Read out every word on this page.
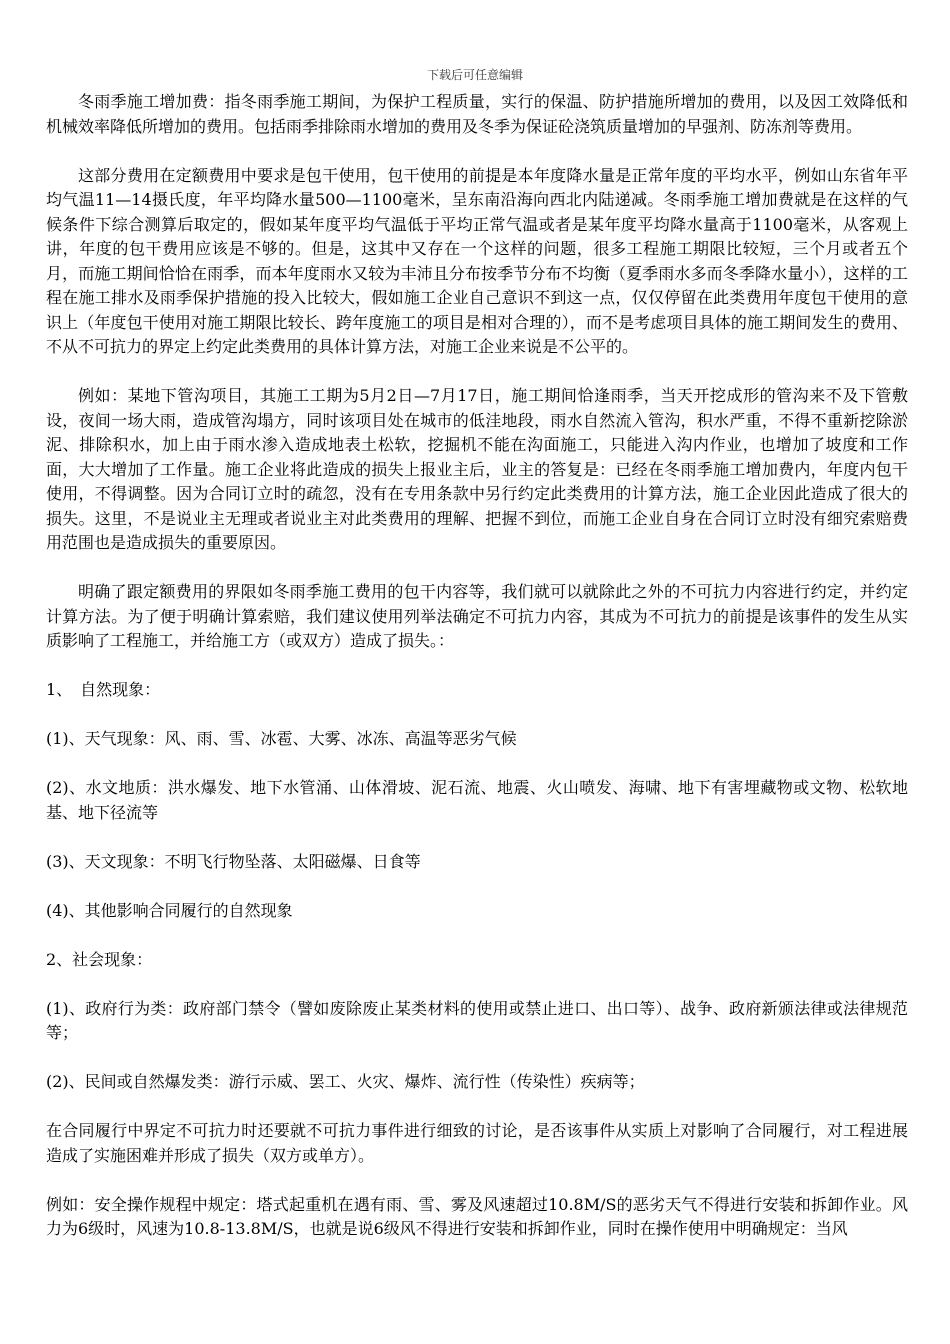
下载后可任意编辑

冬雨季施工增加费：指冬雨季施工期间，为保护工程质量，实行的保温、防护措施所增加的费用，以及因工效降低和机械效率降低所增加的费用。包括雨季排除雨水增加的费用及冬季为保证砼浇筑质量增加的早强剂、防冻剂等费用。

这部分费用在定额费用中要求是包干使用，包干使用的前提是本年度降水量是正常年度的平均水平，例如山东省年平均气温11—14摄氏度，年平均降水量500—1100毫米，呈东南沿海向西北内陆递减。冬雨季施工增加费就是在这样的气候条件下综合测算后取定的，假如某年度平均气温低于平均正常气温或者是某年度平均降水量高于1100毫米，从客观上讲，年度的包干费用应该是不够的。但是，这其中又存在一个这样的问题，很多工程施工期限比较短，三个月或者五个月，而施工期间恰恰在雨季，而本年度雨水又较为丰沛且分布按季节分布不均衡（夏季雨水多而冬季降水量小），这样的工程在施工排水及雨季保护措施的投入比较大，假如施工企业自己意识不到这一点，仅仅停留在此类费用年度包干使用的意识上（年度包干使用对施工期限比较长、跨年度施工的项目是相对合理的），而不是考虑项目具体的施工期间发生的费用、不从不可抗力的界定上约定此类费用的具体计算方法，对施工企业来说是不公平的。

例如：某地下管沟项目，其施工工期为5月2日—7月17日，施工期间恰逢雨季，当天开挖成形的管沟来不及下管敷设，夜间一场大雨，造成管沟塌方，同时该项目处在城市的低洼地段，雨水自然流入管沟，积水严重，不得不重新挖除淤泥、排除积水，加上由于雨水渗入造成地表土松软，挖掘机不能在沟面施工，只能进入沟内作业，也增加了坡度和工作面，大大增加了工作量。施工企业将此造成的损失上报业主后，业主的答复是：已经在冬雨季施工增加费内，年度内包干使用，不得调整。因为合同订立时的疏忽，没有在专用条款中另行约定此类费用的计算方法，施工企业因此造成了很大的损失。这里，不是说业主无理或者说业主对此类费用的理解、把握不到位，而施工企业自身在合同订立时没有细究索赔费用范围也是造成损失的重要原因。

明确了跟定额费用的界限如冬雨季施工费用的包干内容等，我们就可以就除此之外的不可抗力内容进行约定，并约定计算方法。为了便于明确计算索赔，我们建议使用列举法确定不可抗力内容，其成为不可抗力的前提是该事件的发生从实质影响了工程施工，并给施工方（或双方）造成了损失。：

1、　自然现象：

(1)、天气现象：风、雨、雪、冰雹、大雾、冰冻、高温等恶劣气候

(2)、水文地质：洪水爆发、地下水管涌、山体滑坡、泥石流、地震、火山喷发、海啸、地下有害埋藏物或文物、松软地基、地下径流等

(3)、天文现象：不明飞行物坠落、太阳磁爆、日食等

(4)、其他影响合同履行的自然现象

2、社会现象：

(1)、政府行为类：政府部门禁令（譬如废除废止某类材料的使用或禁止进口、出口等）、战争、政府新颁法律或法律规范等；

(2)、民间或自然爆发类：游行示威、罢工、火灾、爆炸、流行性（传染性）疾病等；

在合同履行中界定不可抗力时还要就不可抗力事件进行细致的讨论，是否该事件从实质上对影响了合同履行，对工程进展造成了实施困难并形成了损失（双方或单方）。

例如：安全操作规程中规定：塔式起重机在遇有雨、雪、雾及风速超过10.8M/S的恶劣天气不得进行安装和拆卸作业。风力为6级时，风速为10.8-13.8M/S，也就是说6级风不得进行安装和拆卸作业，同时在操作使用中明确规定：当风
